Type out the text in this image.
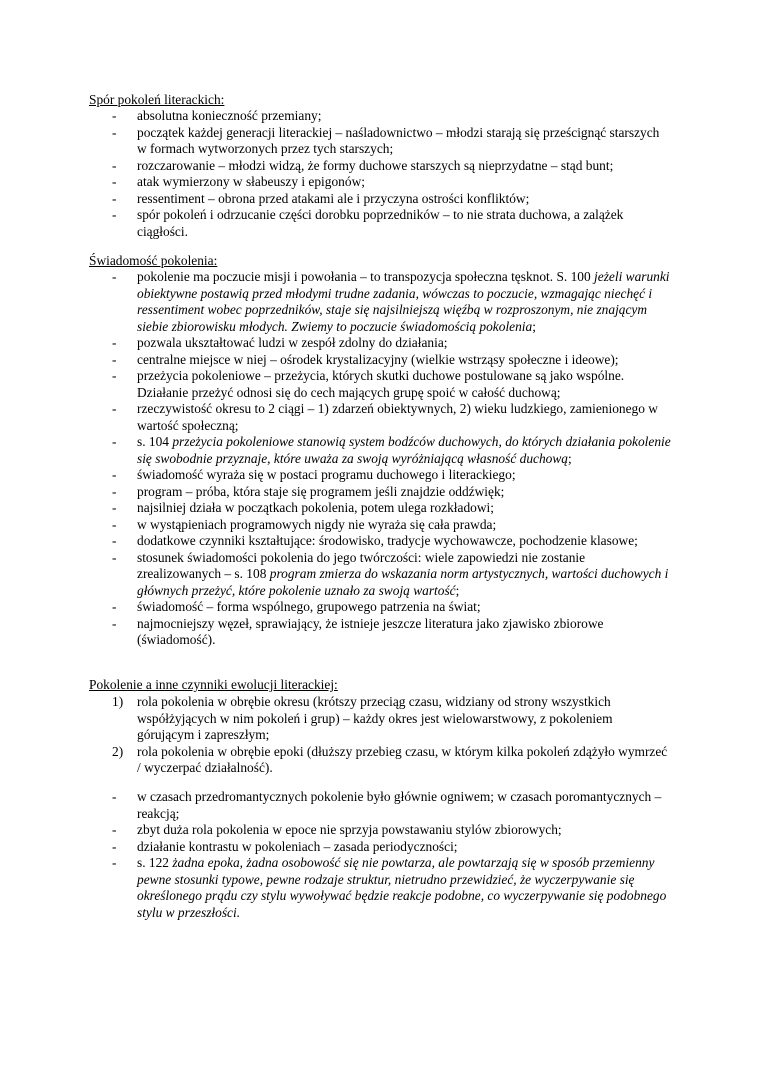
Spór pokoleń literackich:
- absolutna konieczność przemiany;
- początek każdej generacji literackiej – naśladownictwo – młodzi starają się prześcignąć starszych w formach wytworzonych przez tych starszych;
- rozczarowanie – młodzi widzą, że formy duchowe starszych są nieprzydatne – stąd bunt;
- atak wymierzony w słabeuszy i epigonów;
- ressentiment – obrona przed atakami ale i przyczyna ostrości konfliktów;
- spór pokoleń i odrzucanie części dorobku poprzedników – to nie strata duchowa, a zalążek ciągłości.
Świadomość pokolenia:
- pokolenie ma poczucie misji i powołania – to transpozycja społeczna tęsknot. S. 100 jeżeli warunki obiektywne postawią przed młodymi trudne zadania, wówczas to poczucie, wzmagając niechęć i ressentiment wobec poprzedników, staje się najsilniejszą więźbą w rozproszonym, nie znającym siebie zbiorowisku młodych. Zwiemy to poczucie świadomością pokolenia;
- pozwala ukształtować ludzi w zespół zdolny do działania;
- centralne miejsce w niej – ośrodek krystalizacyjny (wielkie wstrząsy społeczne i ideowe);
- przeżycia pokoleniowe – przeżycia, których skutki duchowe postulowane są jako wspólne. Działanie przeżyć odnosi się do cech mających grupę spoić w całość duchową;
- rzeczywistość okresu to 2 ciągi – 1) zdarzeń obiektywnych, 2) wieku ludzkiego, zamienionego w wartość społeczną;
- s. 104 przeżycia pokoleniowe stanowią system bodźców duchowych, do których działania pokolenie się swobodnie przyznaje, które uważa za swoją wyróżniającą własność duchową;
- świadomość wyraża się w postaci programu duchowego i literackiego;
- program – próba, która staje się programem jeśli znajdzie oddźwięk;
- najsilniej działa w początkach pokolenia, potem ulega rozkładowi;
- w wystąpieniach programowych nigdy nie wyraża się cała prawda;
- dodatkowe czynniki kształtujące: środowisko, tradycje wychowawcze, pochodzenie klasowe;
- stosunek świadomości pokolenia do jego twórczości: wiele zapowiedzi nie zostanie zrealizowanych – s. 108 program zmierza do wskazania norm artystycznych, wartości duchowych i głównych przeżyć, które pokolenie uznało za swoją wartość;
- świadomość – forma wspólnego, grupowego patrzenia na świat;
- najmocniejszy węzeł, sprawiający, że istnieje jeszcze literatura jako zjawisko zbiorowe (świadomość).
Pokolenie a inne czynniki ewolucji literackiej:
1) rola pokolenia w obrębie okresu (krótszy przeciąg czasu, widziany od strony wszystkich współżyjących w nim pokoleń i grup) – każdy okres jest wielowarstwowy, z pokoleniem górującym i zapreszłym;
2) rola pokolenia w obrębie epoki (dłuższy przebieg czasu, w którym kilka pokoleń zdążyło wymrzeć / wyczerpać działalność).
- w czasach przedromantycznych pokolenie było głównie ogniwem; w czasach poromantycznych – reakcją;
- zbyt duża rola pokolenia w epoce nie sprzyja powstawaniu stylów zbiorowych;
- działanie kontrastu w pokoleniach – zasada periodyczności;
- s. 122 żadna epoka, żadna osobowość się nie powtarza, ale powtarzają się w sposób przemienny pewne stosunki typowe, pewne rodzaje struktur, nietrudno przewidzieć, że wyczerpywanie się określonego prądu czy stylu wywoływać będzie reakcje podobne, co wyczerpywanie się podobnego stylu w przeszłości.
